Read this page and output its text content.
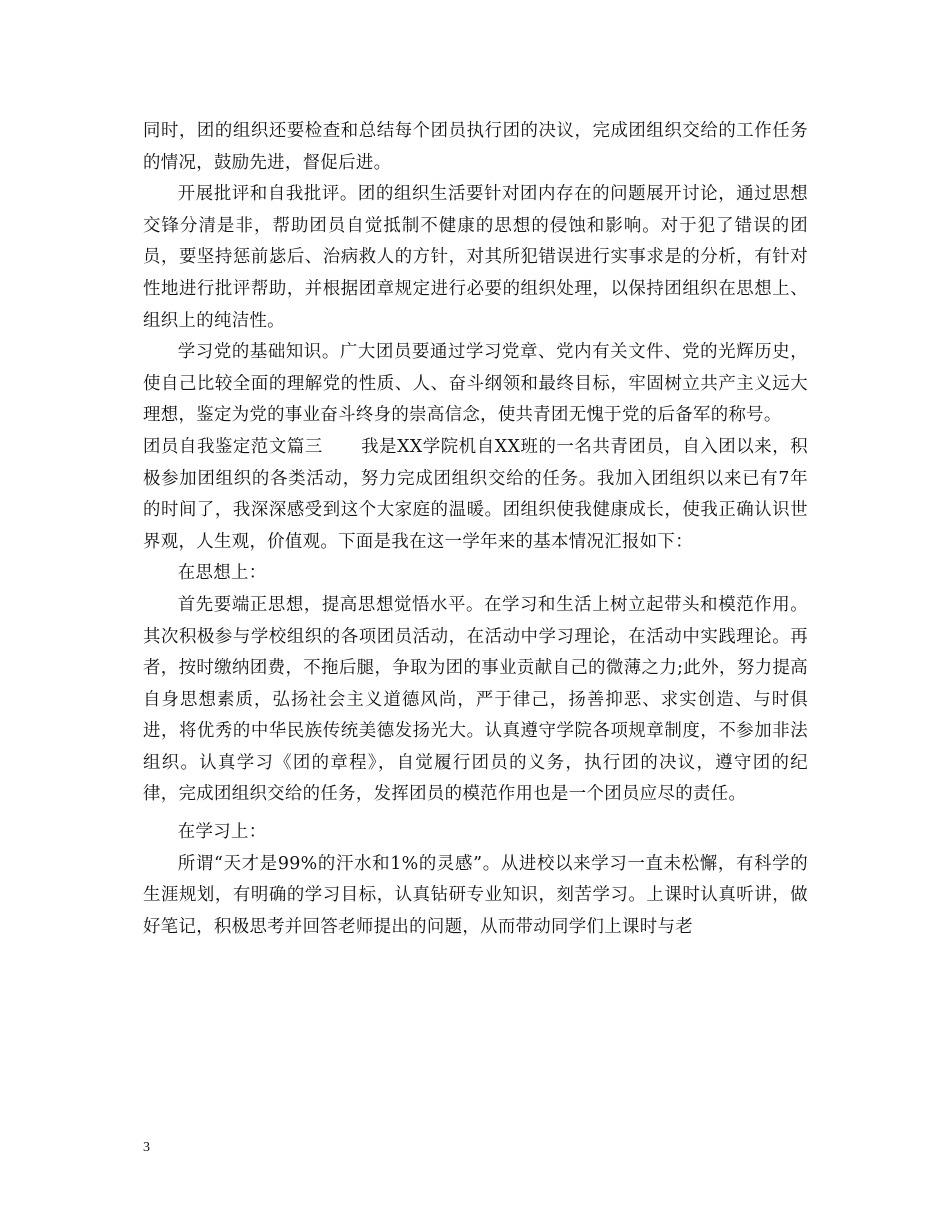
同时，团的组织还要检查和总结每个团员执行团的决议，完成团组织交给的工作任务的情况，鼓励先进，督促后进。

开展批评和自我批评。团的组织生活要针对团内存在的问题展开讨论，通过思想交锋分清是非，帮助团员自觉抵制不健康的思想的侵蚀和影响。对于犯了错误的团员，要坚持惩前毖后、治病救人的方针，对其所犯错误进行实事求是的分析，有针对性地进行批评帮助，并根据团章规定进行必要的组织处理，以保持团组织在思想上、组织上的纯洁性。

学习党的基础知识。广大团员要通过学习党章、党内有关文件、党的光辉历史，使自己比较全面的理解党的性质、人、奋斗纲领和最终目标，牢固树立共产主义远大理想，鉴定为党的事业奋斗终身的崇高信念，使共青团无愧于党的后备军的称号。

团员自我鉴定范文篇三 我是XX学院机自XX班的一名共青团员，自入团以来，积极参加团组织的各类活动，努力完成团组织交给的任务。我加入团组织以来已有7年的时间了，我深深感受到这个大家庭的温暖。团组织使我健康成长，使我正确认识世界观，人生观，价值观。下面是我在这一学年来的基本情况汇报如下：

在思想上：

首先要端正思想，提高思想觉悟水平。在学习和生活上树立起带头和模范作用。其次积极参与学校组织的各项团员活动，在活动中学习理论，在活动中实践理论。再者，按时缴纳团费，不拖后腿，争取为团的事业贡献自己的微薄之力;此外，努力提高自身思想素质，弘扬社会主义道德风尚，严于律己，扬善抑恶、求实创造、与时俱进，将优秀的中华民族传统美德发扬光大。认真遵守学院各项规章制度，不参加非法组织。认真学习《团的章程》，自觉履行团员的义务，执行团的决议，遵守团的纪律，完成团组织交给的任务，发挥团员的模范作用也是一个团员应尽的责任。

在学习上：

所谓“天才是99%的汗水和1%的灵感”。从进校以来学习一直未松懈，有科学的生涯规划，有明确的学习目标，认真钻研专业知识，刻苦学习。上课时认真听讲，做好笔记，积极思考并回答老师提出的问题，从而带动同学们上课时与老

3
